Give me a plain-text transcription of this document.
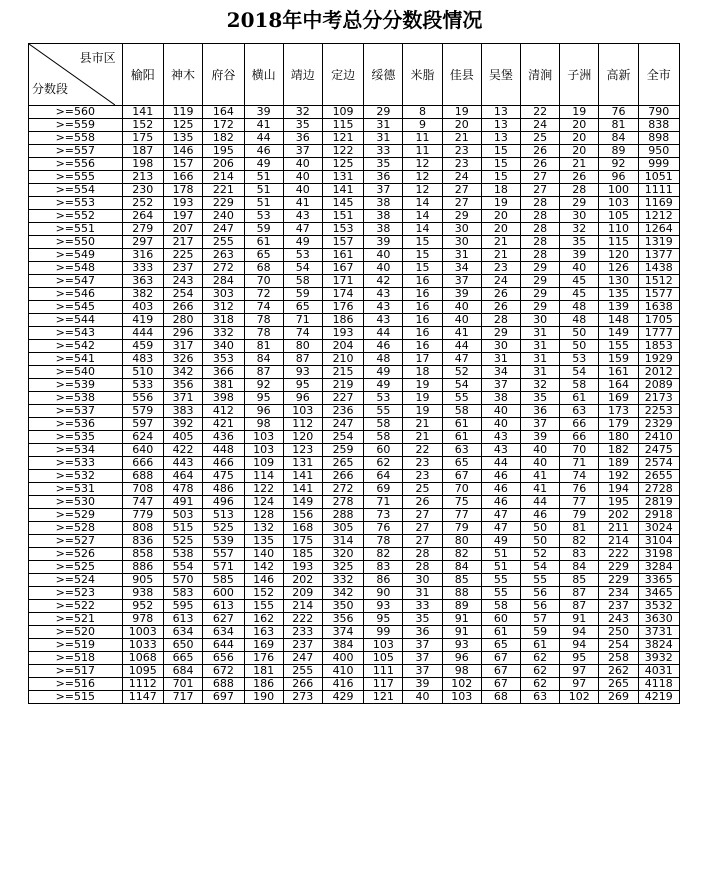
2018年中考总分分数段情况
县市区
分数段	榆阳	神木	府谷	横山	靖边	定边	绥德	米脂	佳县	吴堡	清涧	子洲	高新	全市
>=560	141	119	164	39	32	109	29	8	19	13	22	19	76	790
>=559	152	125	172	41	35	115	31	9	20	13	24	20	81	838
>=558	175	135	182	44	36	121	31	11	21	13	25	20	84	898
>=557	187	146	195	46	37	122	33	11	23	15	26	20	89	950
>=556	198	157	206	49	40	125	35	12	23	15	26	21	92	999
>=555	213	166	214	51	40	131	36	12	24	15	27	26	96	1051
>=554	230	178	221	51	40	141	37	12	27	18	27	28	100	1111
>=553	252	193	229	51	41	145	38	14	27	19	28	29	103	1169
>=552	264	197	240	53	43	151	38	14	29	20	28	30	105	1212
>=551	279	207	247	59	47	153	38	14	30	20	28	32	110	1264
>=550	297	217	255	61	49	157	39	15	30	21	28	35	115	1319
>=549	316	225	263	65	53	161	40	15	31	21	28	39	120	1377
>=548	333	237	272	68	54	167	40	15	34	23	29	40	126	1438
>=547	363	243	284	70	58	171	42	16	37	24	29	45	130	1512
>=546	382	254	303	72	59	174	43	16	39	26	29	45	135	1577
>=545	403	266	312	74	65	176	43	16	40	26	29	48	139	1638
>=544	419	280	318	78	71	186	43	16	40	28	30	48	148	1705
>=543	444	296	332	78	74	193	44	16	41	29	31	50	149	1777
>=542	459	317	340	81	80	204	46	16	44	30	31	50	155	1853
>=541	483	326	353	84	87	210	48	17	47	31	31	53	159	1929
>=540	510	342	366	87	93	215	49	18	52	34	31	54	161	2012
>=539	533	356	381	92	95	219	49	19	54	37	32	58	164	2089
>=538	556	371	398	95	96	227	53	19	55	38	35	61	169	2173
>=537	579	383	412	96	103	236	55	19	58	40	36	63	173	2253
>=536	597	392	421	98	112	247	58	21	61	40	37	66	179	2329
>=535	624	405	436	103	120	254	58	21	61	43	39	66	180	2410
>=534	640	422	448	103	123	259	60	22	63	43	40	70	182	2475
>=533	666	443	466	109	131	265	62	23	65	44	40	71	189	2574
>=532	688	464	475	114	141	266	64	23	67	46	41	74	192	2655
>=531	708	478	486	122	141	272	69	25	70	46	41	76	194	2728
>=530	747	491	496	124	149	278	71	26	75	46	44	77	195	2819
>=529	779	503	513	128	156	288	73	27	77	47	46	79	202	2918
>=528	808	515	525	132	168	305	76	27	79	47	50	81	211	3024
>=527	836	525	539	135	175	314	78	27	80	49	50	82	214	3104
>=526	858	538	557	140	185	320	82	28	82	51	52	83	222	3198
>=525	886	554	571	142	193	325	83	28	84	51	54	84	229	3284
>=524	905	570	585	146	202	332	86	30	85	55	55	85	229	3365
>=523	938	583	600	152	209	342	90	31	88	55	56	87	234	3465
>=522	952	595	613	155	214	350	93	33	89	58	56	87	237	3532
>=521	978	613	627	162	222	356	95	35	91	60	57	91	243	3630
>=520	1003	634	634	163	233	374	99	36	91	61	59	94	250	3731
>=519	1033	650	644	169	237	384	103	37	93	65	61	94	254	3824
>=518	1068	665	656	176	247	400	105	37	96	67	62	95	258	3932
>=517	1095	684	672	181	255	410	111	37	98	67	62	97	262	4031
>=516	1112	701	688	186	266	416	117	39	102	67	62	97	265	4118
>=515	1147	717	697	190	273	429	121	40	103	68	63	102	269	4219
